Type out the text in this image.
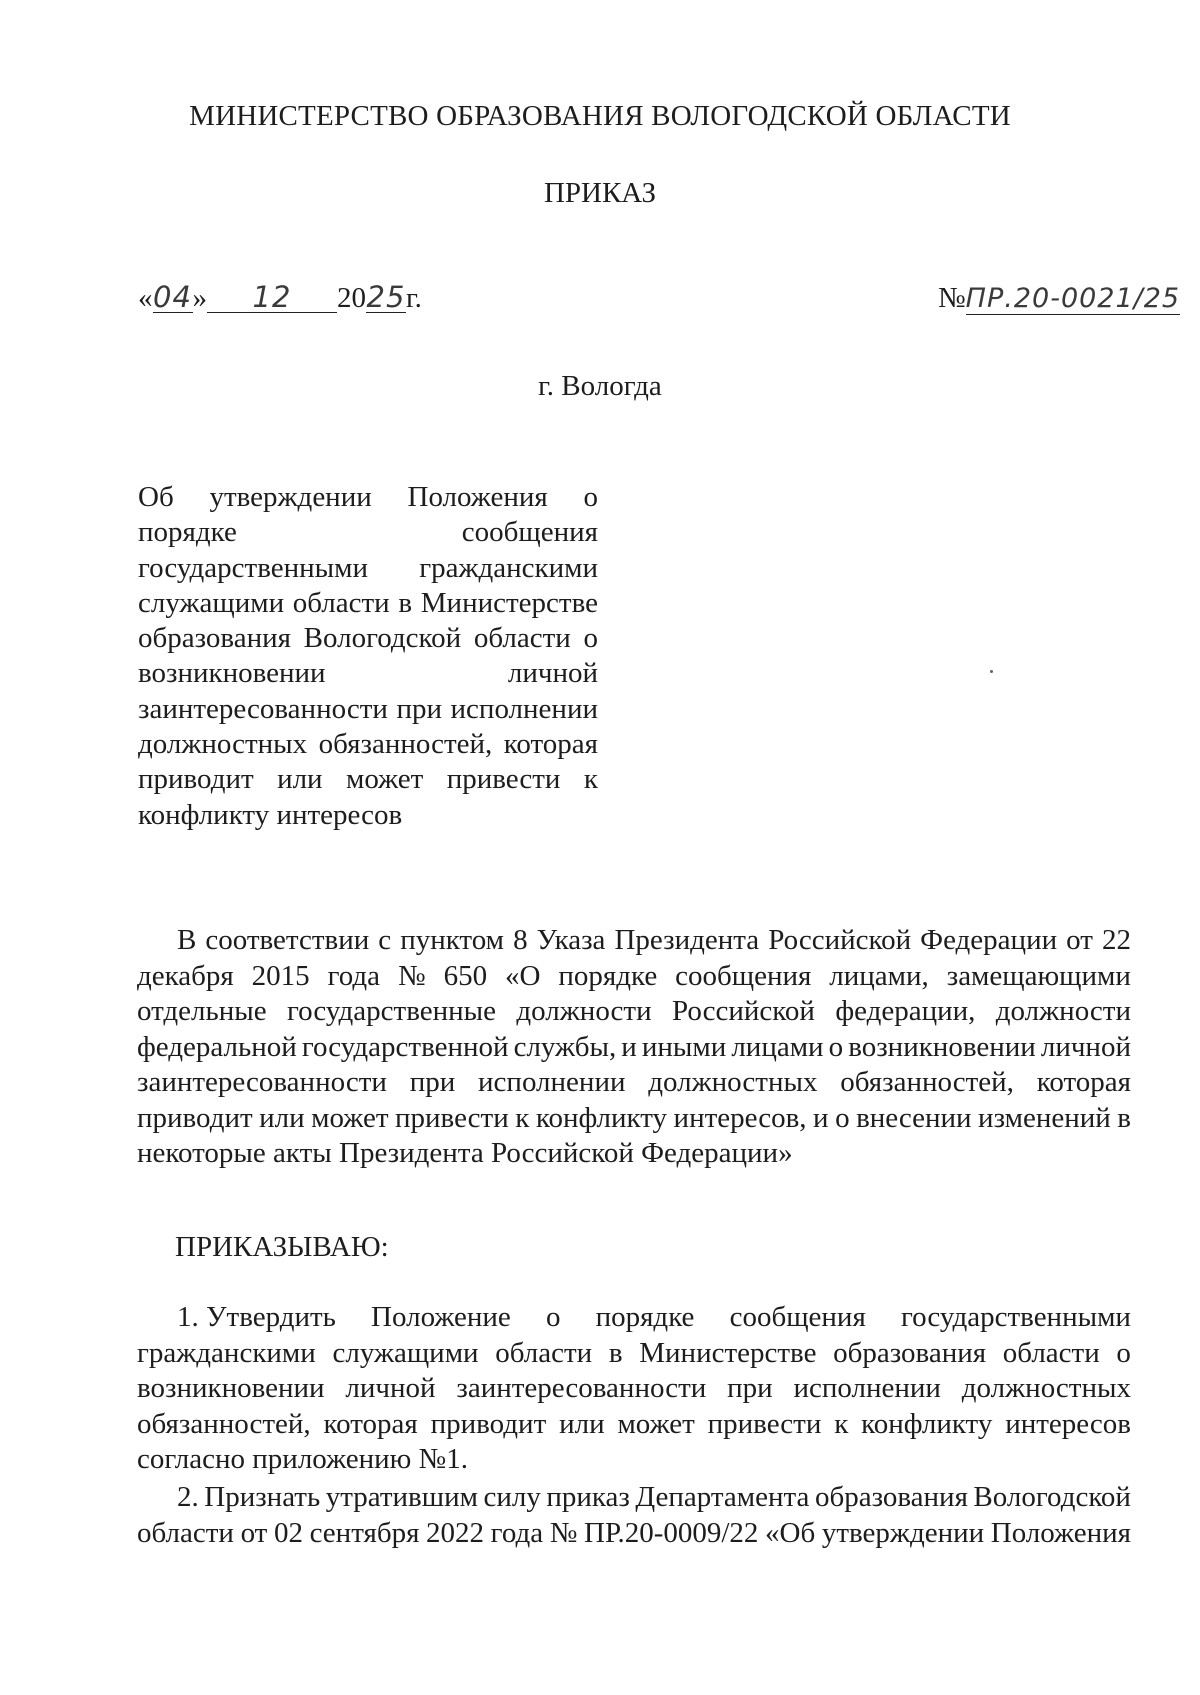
МИНИСТЕРСТВО ОБРАЗОВАНИЯ ВОЛОГОДСКОЙ ОБЛАСТИ
ПРИКАЗ
«04» 12 2025г.	№ПР.20-0021/25
г. Вологда
Об утверждении Положения о
порядке	сообщения
государственными гражданскими
служащими области в Министерстве
образования Вологодской области о
возникновении	личной
заинтересованности при исполнении
должностных обязанностей, которая
приводит или может привести к
конфликту интересов
В соответствии с пунктом 8 Указа Президента Российской Федерации от 22
декабря 2015 года № 650 «О порядке сообщения лицами, замещающими
отдельные государственные должности Российской федерации, должности
федеральной государственной службы, и иными лицами о возникновении личной
заинтересованности при исполнении должностных обязанностей, которая
приводит или может привести к конфликту интересов, и о внесении изменений в
некоторые акты Президента Российской Федерации»
ПРИКАЗЫВАЮ:
1. Утвердить Положение о порядке сообщения государственными
гражданскими служащими области в Министерстве образования области о
возникновении личной заинтересованности при исполнении должностных
обязанностей, которая приводит или может привести к конфликту интересов
согласно приложению №1.
2. Признать утратившим силу приказ Департамента образования Вологодской
области от 02 сентября 2022 года № ПР.20-0009/22 «Об утверждении Положения
